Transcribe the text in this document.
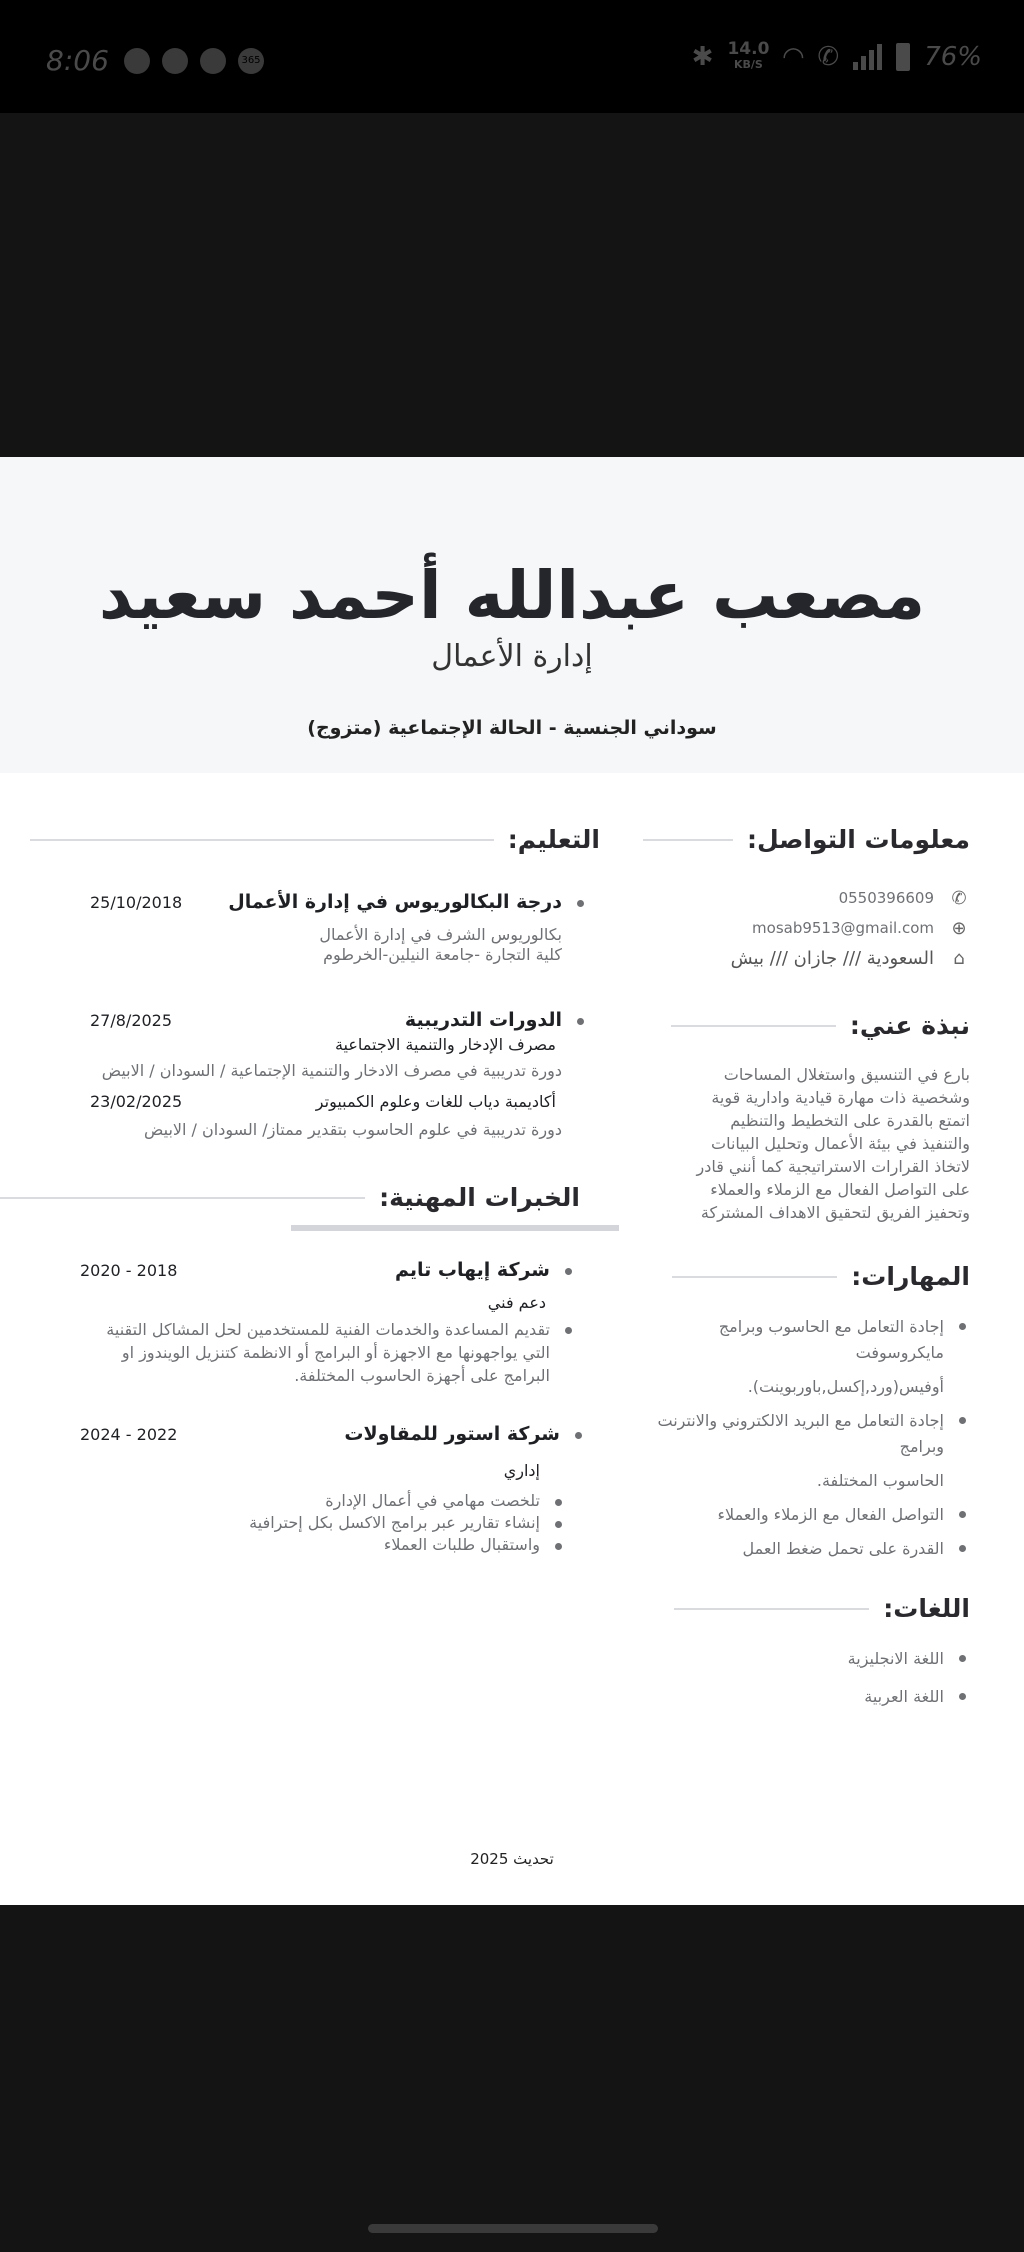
8:06	365	✱ 14.0
KB/S ◠ ✆	76%
مصعب عبدالله أحمد سعيد
إدارة الأعمال
سوداني الجنسية - الحالة الإجتماعية (متزوج)
معلومات التواصل:
✆
0550396609
⊕
mosab9513@gmail.com
⌂
السعودية /// جازان /// بيش
نبذة عني:
بارع في التنسيق واستغلال المساحات
وشخصية ذات مهارة قيادية وادارية قوية
اتمتع بالقدرة على التخطيط والتنظيم
والتنفيذ في بيئة الأعمال وتحليل البيانات
لاتخاذ القرارات الاستراتيجية كما أنني قادر
على التواصل الفعال مع الزملاء والعملاء
وتحفيز الفريق لتحقيق الاهداف المشتركة
المهارات:
إجادة التعامل مع الحاسوب وبرامج مايكروسوفت
أوفيس(ورد,إكسل,باوربوينت).
إجادة التعامل مع البريد الالكتروني والانترنت وبرامج
الحاسوب المختلفة.
التواصل الفعال مع الزملاء والعملاء
القدرة على تحمل ضغط العمل
اللغات:
اللغة الانجليزية
اللغة العربية
التعليم:
درجة البكالوريوس في إدارة الأعمال
25/10/2018
بكالوريوس الشرف في إدارة الأعمال
كلية التجارة -جامعة النيلين-الخرطوم
الدورات التدريبية
27/8/2025
مصرف الإدخار والتنمية الاجتماعية
دورة تدريبية في مصرف الادخار والتنمية الإجتماعية / السودان / الابيض
أكاديمبة دياب للغات وعلوم الكمبيوتر
23/02/2025
دورة تدريبية في علوم الحاسوب بتقدير ممتاز/ السودان / الابيض
الخبرات المهنية:
شركة إيهاب تايم
2020 - 2018
دعم فني
تقديم المساعدة والخدمات الفنية للمستخدمين لحل المشاكل التقنية
التي يواجهونها مع الاجهزة أو البرامج أو الانظمة كتنزيل الويندوز او
البرامج على أجهزة الحاسوب المختلفة.
شركة استور للمقاولات
2024 - 2022
إداري
تلخصت مهامي في أعمال الإدارة
إنشاء تقارير عبر برامج الاكسل بكل إحترافية
واستقبال طلبات العملاء
تحديث 2025
